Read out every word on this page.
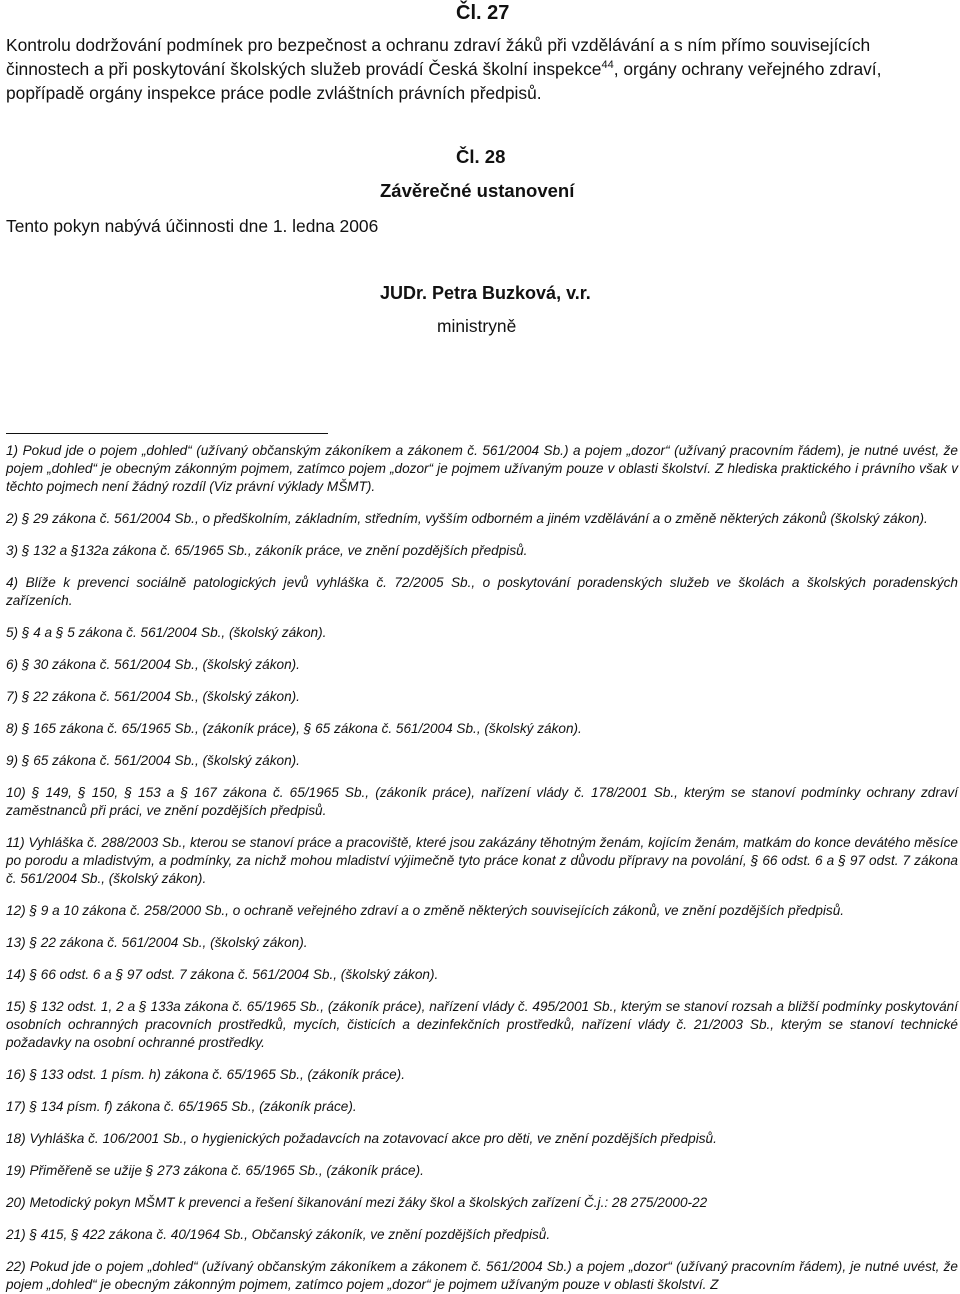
Čl. 27

Kontrolu dodržování podmínek pro bezpečnost a ochranu zdraví žáků při vzdělávání a s ním přímo souvisejících činnostech a při poskytování školských služeb provádí Česká školní inspekce$^{44}$, orgány ochrany veřejného zdraví, popřípadě orgány inspekce práce podle zvláštních právních předpisů.

Čl. 28
Závěrečné ustanovení
Tento pokyn nabývá účinnosti dne 1. ledna 2006
JUDr. Petra Buzková, v.r.
ministryně

1) Pokud jde o pojem „dohled“ (užívaný občanským zákoníkem a zákonem č. 561/2004 Sb.) a pojem „dozor“ (užívaný pracovním řádem), je nutné uvést, že pojem „dohled“ je obecným zákonným pojmem, zatímco pojem „dozor“ je pojmem užívaným pouze v oblasti školství. Z hlediska praktického i právního však v těchto pojmech není žádný rozdíl (Viz právní výklady MŠMT).

2) § 29 zákona č. 561/2004 Sb., o předškolním, základním, středním, vyšším odborném a jiném vzdělávání a o změně některých zákonů (školský zákon).

3) § 132 a §132a zákona č. 65/1965 Sb., zákoník práce, ve znění pozdějších předpisů.

4) Blíže k prevenci sociálně patologických jevů vyhláška č. 72/2005 Sb., o poskytování poradenských služeb ve školách a školských poradenských zařízeních.

5) § 4 a § 5 zákona č. 561/2004 Sb., (školský zákon).

6) § 30 zákona č. 561/2004 Sb., (školský zákon).

7) § 22 zákona č. 561/2004 Sb., (školský zákon).

8) § 165 zákona č. 65/1965 Sb., (zákoník práce), § 65 zákona č. 561/2004 Sb., (školský zákon).

9) § 65 zákona č. 561/2004 Sb., (školský zákon).

10) § 149, § 150, § 153 a § 167 zákona č. 65/1965 Sb., (zákoník práce), nařízení vlády č. 178/2001 Sb., kterým se stanoví podmínky ochrany zdraví zaměstnanců při práci, ve znění pozdějších předpisů.

11) Vyhláška č. 288/2003 Sb., kterou se stanoví práce a pracoviště, které jsou zakázány těhotným ženám, kojícím ženám, matkám do konce devátého měsíce po porodu a mladistvým, a podmínky, za nichž mohou mladiství výjimečně tyto práce konat z důvodu přípravy na povolání, § 66 odst. 6 a § 97 odst. 7 zákona č. 561/2004 Sb., (školský zákon).

12) § 9 a 10 zákona č. 258/2000 Sb., o ochraně veřejného zdraví a o změně některých souvisejících zákonů, ve znění pozdějších předpisů.

13) § 22 zákona č. 561/2004 Sb., (školský zákon).

14) § 66 odst. 6 a § 97 odst. 7 zákona č. 561/2004 Sb., (školský zákon).

15) § 132 odst. 1, 2 a § 133a zákona č. 65/1965 Sb., (zákoník práce), nařízení vlády č. 495/2001 Sb., kterým se stanoví rozsah a bližší podmínky poskytování osobních ochranných pracovních prostředků, mycích, čisticích a dezinfekčních prostředků, nařízení vlády č. 21/2003 Sb., kterým se stanoví technické požadavky na osobní ochranné prostředky.

16) § 133 odst. 1 písm. h) zákona č. 65/1965 Sb., (zákoník práce).

17) § 134 písm. f) zákona č. 65/1965 Sb., (zákoník práce).

18) Vyhláška č. 106/2001 Sb., o hygienických požadavcích na zotavovací akce pro děti, ve znění pozdějších předpisů.

19) Přiměřeně se užije § 273 zákona č. 65/1965 Sb., (zákoník práce).

20) Metodický pokyn MŠMT k prevenci a řešení šikanování mezi žáky škol a školských zařízení Č.j.: 28 275/2000-22

21) § 415, § 422 zákona č. 40/1964 Sb., Občanský zákoník, ve znění pozdějších předpisů.

22) Pokud jde o pojem „dohled“ (užívaný občanským zákoníkem a zákonem č. 561/2004 Sb.) a pojem „dozor“ (užívaný pracovním řádem), je nutné uvést, že pojem „dohled“ je obecným zákonným pojmem, zatímco pojem „dozor“ je pojmem užívaným pouze v oblasti školství. Z
